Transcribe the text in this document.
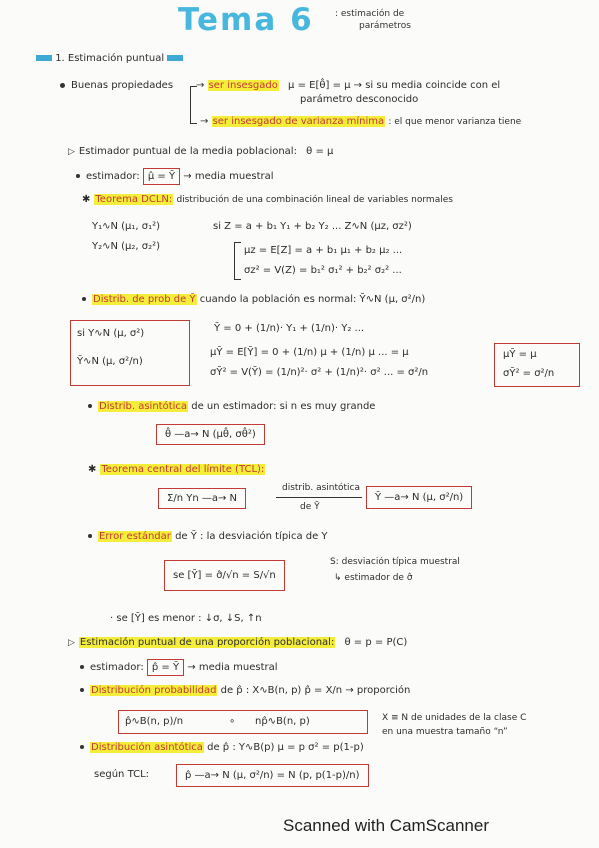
Tema 6 : estimación de
parámetros
1. Estimación puntual
Buenas propiedades → ser insesgado μ = E[θ̂] = μ → si su media coincide con el
parámetro desconocido
→ ser insesgado de varianza mínima : el que menor varianza tiene
▷ Estimador puntual de la media poblacional: θ = μ
estimador: μ̂ = Ȳ → media muestral
✱ Teorema DCLN: distribución de una combinación lineal de variables normales
Y₁∿N (μ₁, σ₁²)
Y₂∿N (μ₂, σ₂²)
si Z = a + b₁ Y₁ + b₂ Y₂ ... Z∿N (μz, σz²)
μz = E[Z] = a + b₁ μ₁ + b₂ μ₂ ...
σz² = V(Z) = b₁² σ₁² + b₂² σ₂² ...
Distrib. de prob de Ȳ cuando la población es normal: Ȳ∿N (μ, σ²/n)
si Y∿N (μ, σ²)
Ȳ∿N (μ, σ²/n)
Ȳ = 0 + (1/n)· Y₁ + (1/n)· Y₂ ...
μȲ = E[Ȳ] = 0 + (1/n) μ + (1/n) μ ... = μ
σȲ² = V(Ȳ) = (1/n)²· σ² + (1/n)²· σ² ... = σ²/n
μȲ = μ
σȲ² = σ²/n
Distrib. asintótica de un estimador: si n es muy grande
θ̂ —a→ N (μθ̂, σθ̂²)
✱ Teorema central del límite (TCL):
Σ/n Yn —a→ N
distrib. asintótica
de Ȳ
Ȳ —a→ N (μ, σ²/n)
Error estándar de Ȳ : la desviación típica de Y
se [Ȳ] = σ̂/√n = S/√n
S: desviación típica muestral
↳ estimador de σ̂
· se [Ȳ] es menor : ↓σ, ↓S, ↑n
▷ Estimación puntual de una proporción poblacional: θ = p = P(C)
estimador: p̂ = Ȳ → media muestral
Distribución probabilidad de p̂ : X∿B(n, p) p̂ = X/n → proporción
p̂∿B(n, p)/n	∘ np̂∿B(n, p)	X ≡ N de unidades de la clase C
en una muestra tamaño “n”
Distribución asintótica de p̂ : Y∿B(p) μ = p σ² = p(1-p)
según TCL:	p̂ —a→ N (μ, σ²/n) = N (p, p(1-p)/n)
Scanned with CamScanner
